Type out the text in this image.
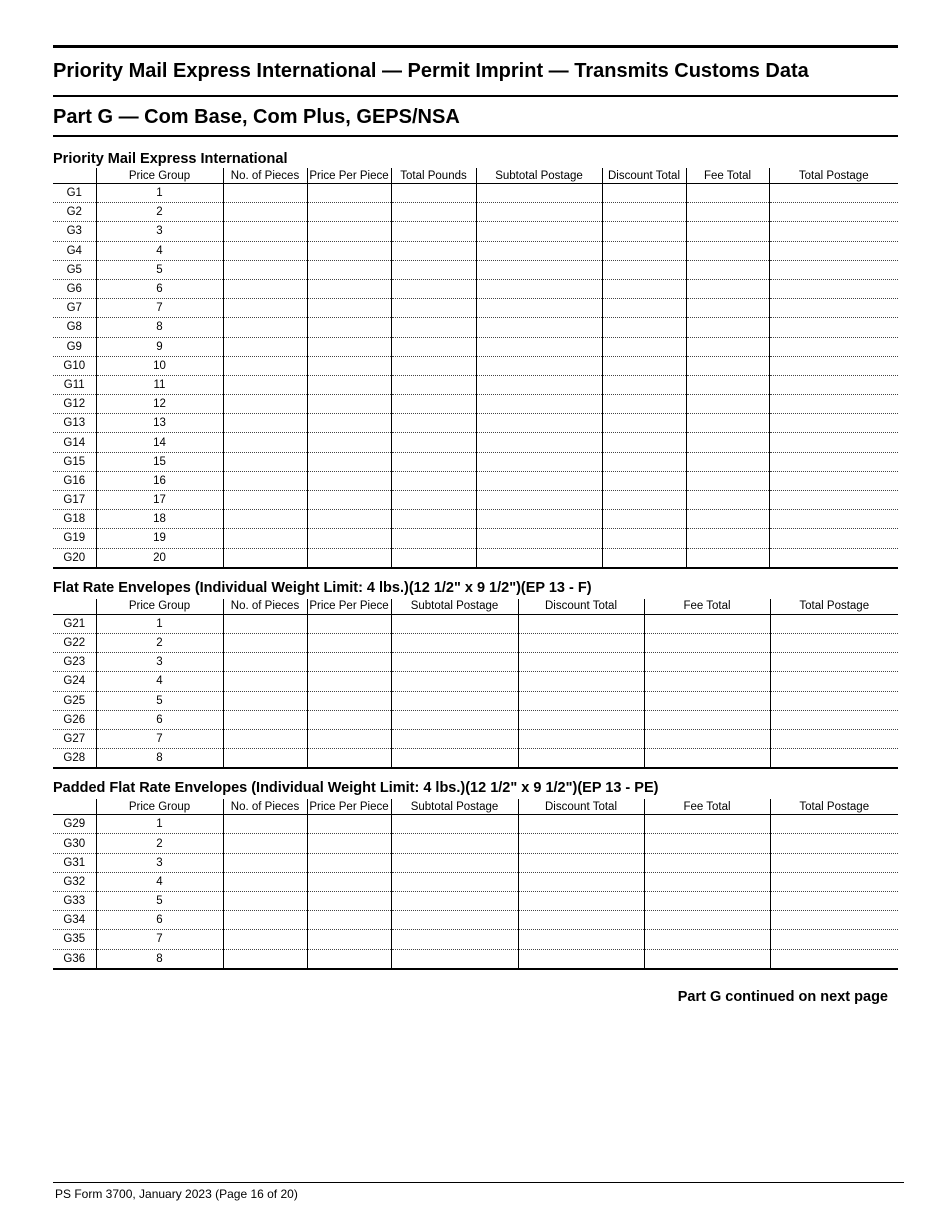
Priority Mail Express International — Permit Imprint — Transmits Customs Data
Part G — Com Base, Com Plus, GEPS/NSA

Priority Mail Express International

	Price Group	No. of Pieces	Price Per Piece	Total Pounds	Subtotal Postage	Discount Total	Fee Total	Total Postage
G1	1							
G2	2							
G3	3							
G4	4							
G5	5							
G6	6							
G7	7							
G8	8							
G9	9							
G10	10							
G11	11							
G12	12							
G13	13							
G14	14							
G15	15							
G16	16							
G17	17							
G18	18							
G19	19							
G20	20							

Flat Rate Envelopes (Individual Weight Limit: 4 lbs.)(12 1/2" x 9 1/2")(EP 13 - F)

	Price Group	No. of Pieces	Price Per Piece	Subtotal Postage	Discount Total	Fee Total	Total Postage
G21	1						
G22	2						
G23	3						
G24	4						
G25	5						
G26	6						
G27	7						
G28	8						

Padded Flat Rate Envelopes (Individual Weight Limit: 4 lbs.)(12 1/2" x 9 1/2")(EP 13 - PE)

	Price Group	No. of Pieces	Price Per Piece	Subtotal Postage	Discount Total	Fee Total	Total Postage
G29	1						
G30	2						
G31	3						
G32	4						
G33	5						
G34	6						
G35	7						
G36	8						
Part G continued on next page
PS Form 3700, January 2023 (Page 16 of 20)
